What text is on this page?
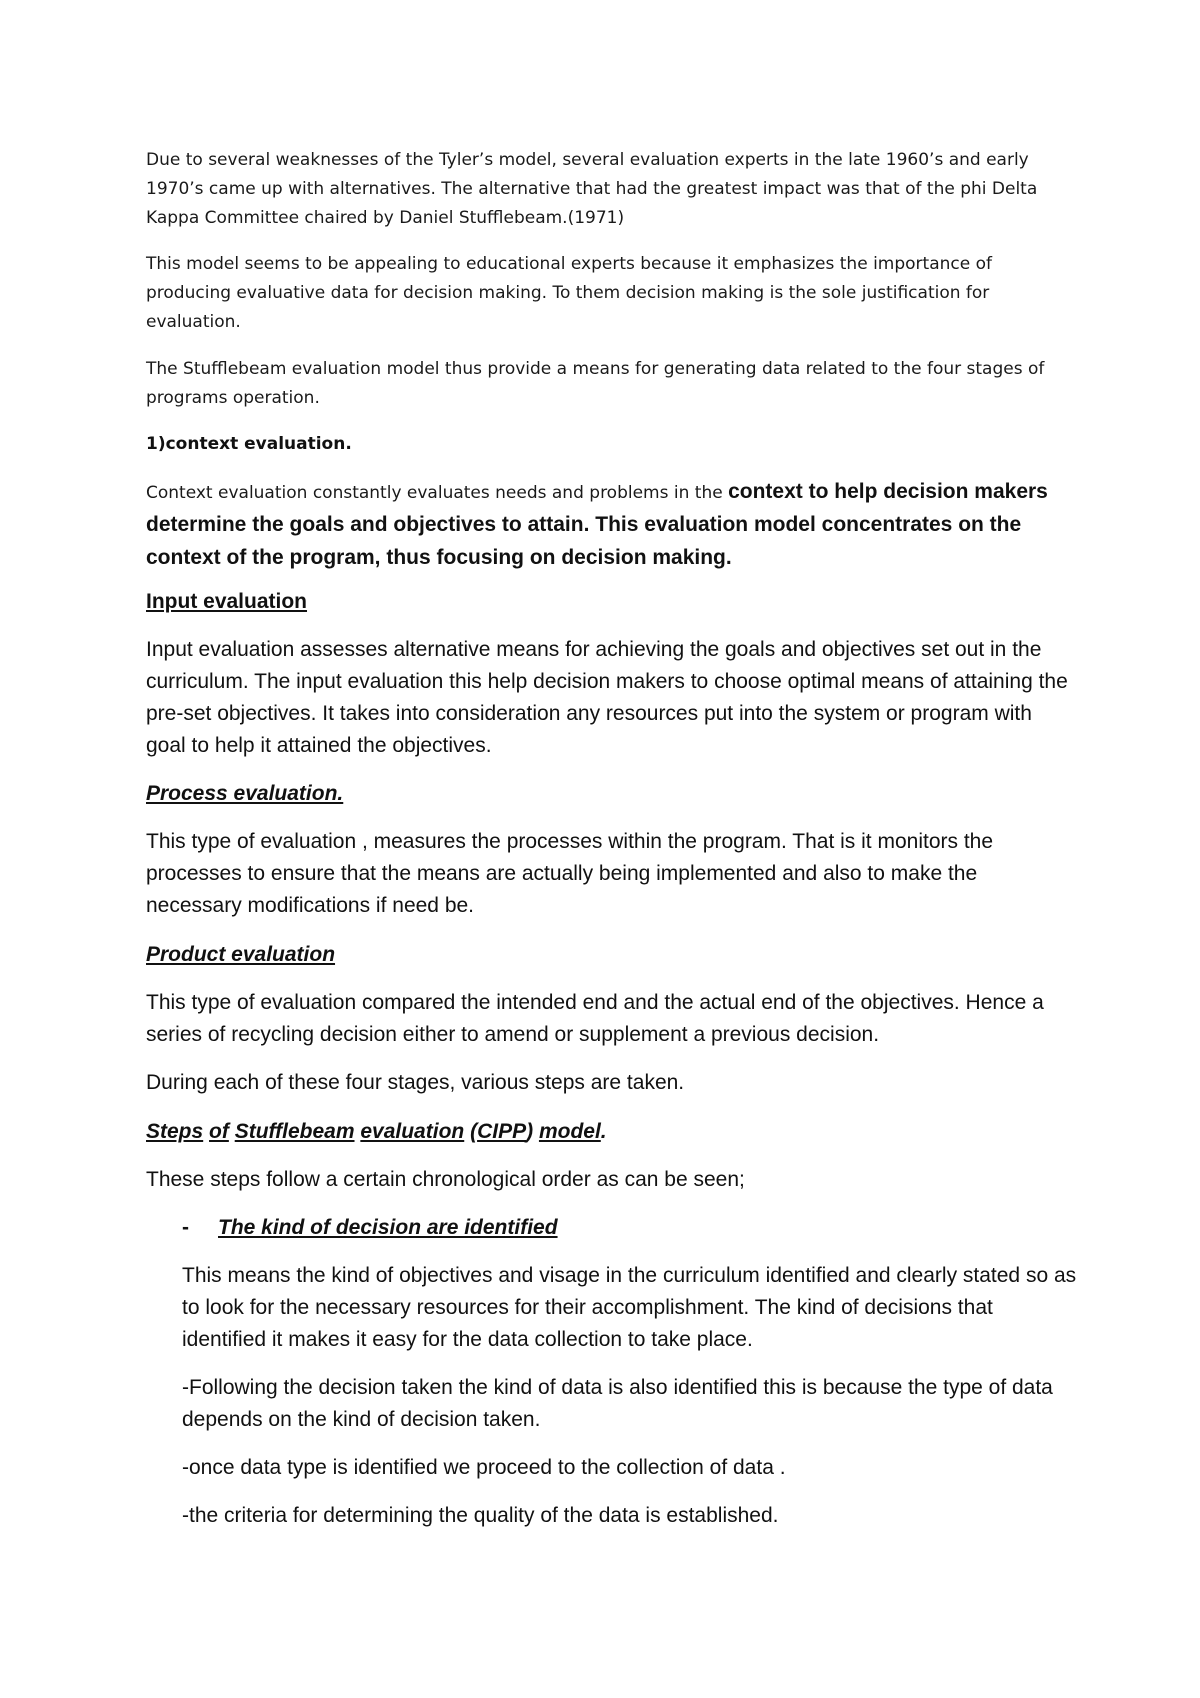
Due to several weaknesses of the Tyler’s model, several evaluation experts in the late 1960’s and early 1970’s came up with alternatives. The alternative that had the greatest impact was that of the phi Delta Kappa Committee chaired by Daniel Stufflebeam.(1971)

This model seems to be appealing to educational experts because it emphasizes the importance of producing evaluative data for decision making. To them decision making is the sole justification for evaluation.

The Stufflebeam evaluation model thus provide a means for generating data related to the four stages of programs operation.

1)context evaluation.

Context evaluation constantly evaluates needs and problems in the context to help decision makers determine the goals and objectives to attain. This evaluation model concentrates on the context of the program, thus focusing on decision making.

Input evaluation

Input evaluation assesses alternative means for achieving the goals and objectives set out in the curriculum. The input evaluation this help decision makers to choose optimal means of attaining the pre-set objectives. It takes into consideration any resources put into the system or program with goal to help it attained the objectives.

Process evaluation.

This type of evaluation , measures the processes within the program. That is it monitors the processes to ensure that the means are actually being implemented and also to make the necessary modifications if need be.

Product evaluation

This type of evaluation compared the intended end and the actual end of the objectives. Hence a series of recycling decision either to amend or supplement a previous decision.

During each of these four stages, various steps are taken.

Steps of Stufflebeam evaluation (CIPP) model.

These steps follow a certain chronological order as can be seen;

- The kind of decision are identified

This means the kind of objectives and visage in the curriculum identified and clearly stated so as to look for the necessary resources for their accomplishment. The kind of decisions that identified it makes it easy for the data collection to take place.

-Following the decision taken the kind of data is also identified this is because the type of data depends on the kind of decision taken.

-once data type is identified we proceed to the collection of data .

-the criteria for determining the quality of the data is established.
